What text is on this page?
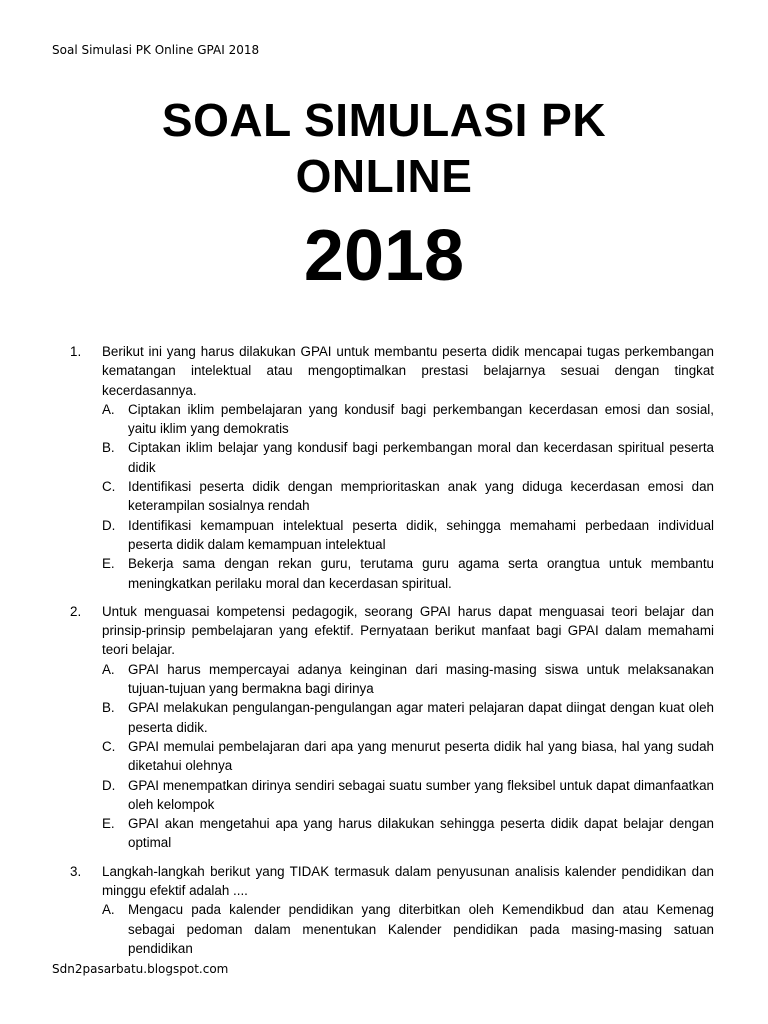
Soal Simulasi PK Online GPAI 2018
SOAL SIMULASI PK
ONLINE
2018
1.	Berikut ini yang harus dilakukan GPAI untuk membantu peserta didik mencapai tugas perkembangan kematangan intelektual atau mengoptimalkan prestasi belajarnya sesuai dengan tingkat kecerdasannya.

A. Ciptakan iklim pembelajaran yang kondusif bagi perkembangan kecerdasan emosi dan sosial, yaitu iklim yang demokratis
B. Ciptakan iklim belajar yang kondusif bagi perkembangan moral dan kecerdasan spiritual peserta didik
C. Identifikasi peserta didik dengan memprioritaskan anak yang diduga kecerdasan emosi dan keterampilan sosialnya rendah
D. Identifikasi kemampuan intelektual peserta didik, sehingga memahami perbedaan individual peserta didik dalam kemampuan intelektual
E. Bekerja sama dengan rekan guru, terutama guru agama serta orangtua untuk membantu meningkatkan perilaku moral dan kecerdasan spiritual.
2.	Untuk menguasai kompetensi pedagogik, seorang GPAI harus dapat menguasai teori belajar dan prinsip-prinsip pembelajaran yang efektif. Pernyataan berikut manfaat bagi GPAI dalam memahami teori belajar.

A. GPAI harus mempercayai adanya keinginan dari masing-masing siswa untuk melaksanakan tujuan-tujuan yang bermakna bagi dirinya
B. GPAI melakukan pengulangan-pengulangan agar materi pelajaran dapat diingat dengan kuat oleh peserta didik.
C. GPAI memulai pembelajaran dari apa yang menurut peserta didik hal yang biasa, hal yang sudah diketahui olehnya
D. GPAI menempatkan dirinya sendiri sebagai suatu sumber yang fleksibel untuk dapat dimanfaatkan oleh kelompok
E. GPAI akan mengetahui apa yang harus dilakukan sehingga peserta didik dapat belajar dengan optimal
3.	Langkah-langkah berikut yang TIDAK termasuk dalam penyusunan analisis kalender pendidikan dan minggu efektif adalah ....

A. Mengacu pada kalender pendidikan yang diterbitkan oleh Kemendikbud dan atau Kemenag sebagai pedoman dalam menentukan Kalender pendidikan pada masing-masing satuan pendidikan
Sdn2pasarbatu.blogspot.com
